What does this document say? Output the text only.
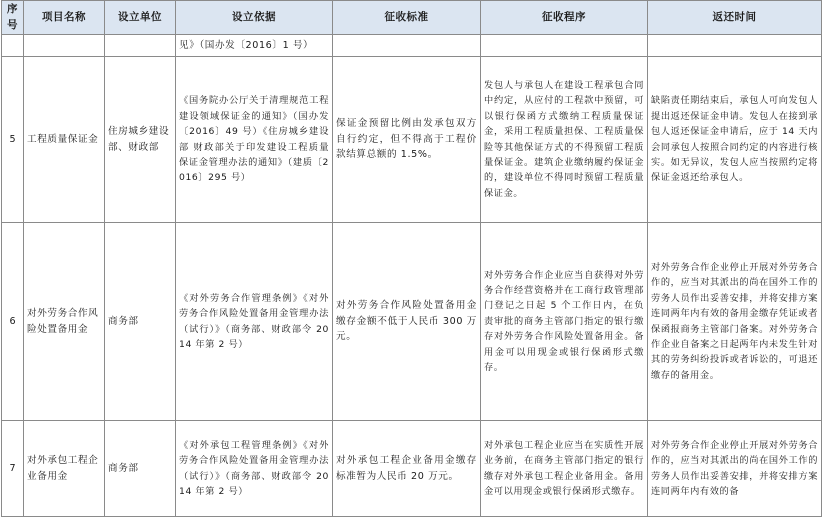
序号	项目名称	设立单位	设立依据	征收标准	征收程序	返还时间

			见》（国办发〔2016〕1 号）			

5	工程质量保证金	住房城乡建设部、财政部	《国务院办公厅关于清理规范工程建设领域保证金的通知》（国办发〔2016〕49 号）《住房城乡建设部 财政部关于印发建设工程质量保证金管理办法的通知》（建质〔2016〕295 号）	保证金预留比例由发承包双方自行约定，但不得高于工程价款结算总额的 1.5%。	发包人与承包人在建设工程承包合同中约定，从应付的工程款中预留，可以银行保函方式缴纳工程质量保证金，采用工程质量担保、工程质量保险等其他保证方式的不得预留工程质量保证金。建筑企业缴纳履约保证金的，建设单位不得同时预留工程质量保证金。	缺陷责任期结束后，承包人可向发包人提出返还保证金申请。发包人在接到承包人返还保证金申请后，应于 14 天内会同承包人按照合同约定的内容进行核实。如无异议，发包人应当按照约定将保证金返还给承包人。

6	对外劳务合作风险处置备用金	商务部	《对外劳务合作管理条例》《对外劳务合作风险处置备用金管理办法（试行）》（商务部、财政部令 2014 年第 2 号）	对外劳务合作风险处置备用金缴存金额不低于人民币 300 万元。	对外劳务合作企业应当自获得对外劳务合作经营资格并在工商行政管理部门登记之日起 5 个工作日内，在负责审批的商务主管部门指定的银行缴存对外劳务合作风险处置备用金。备用金可以用现金或银行保函形式缴存。	对外劳务合作企业停止开展对外劳务合作的，应当对其派出的尚在国外工作的劳务人员作出妥善安排，并将安排方案连同两年内有效的备用金缴存凭证或者保函报商务主管部门备案。对外劳务合作企业自备案之日起两年内未发生针对其的劳务纠纷投诉或者诉讼的，可退还缴存的备用金。

7	对外承包工程企业备用金	商务部	《对外承包工程管理条例》《对外劳务合作风险处置备用金管理办法（试行）》（商务部、财政部令 2014 年第 2 号）	对外承包工程企业备用金缴存标准暂为人民币 20 万元。	对外承包工程企业应当在实质性开展业务前，在商务主管部门指定的银行缴存对外承包工程企业备用金。备用金可以用现金或银行保函形式缴存。	对外劳务合作企业停止开展对外劳务合作的，应当对其派出的尚在国外工作的劳务人员作出妥善安排，并将安排方案连同两年内有效的备
